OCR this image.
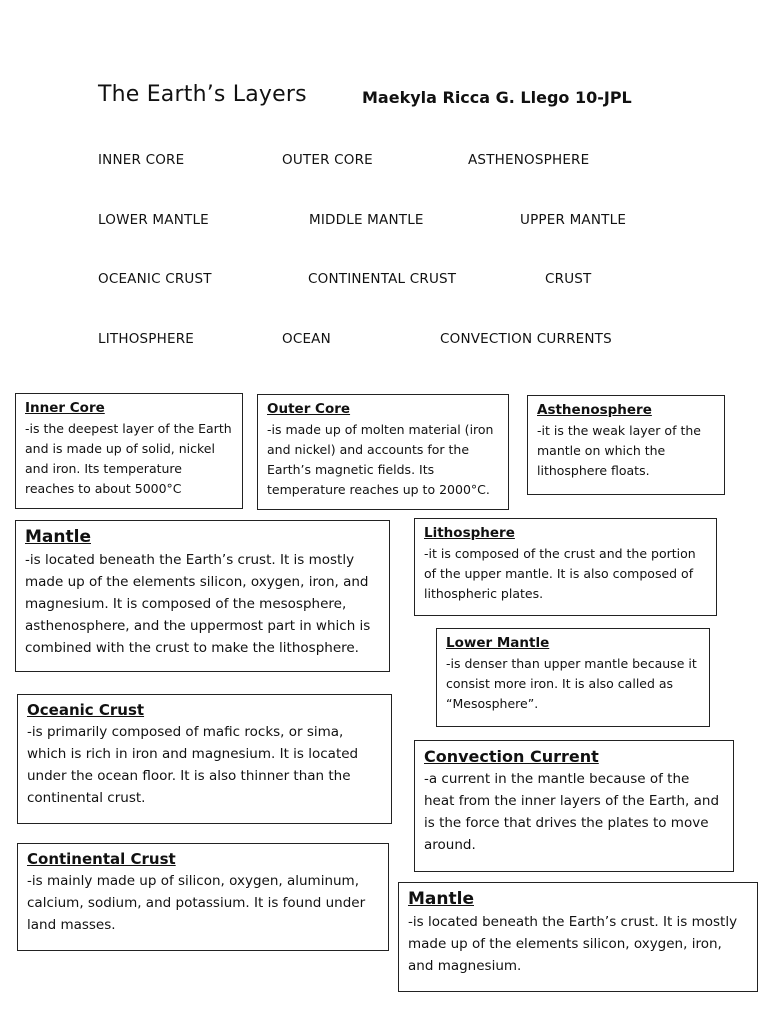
The Earth’s Layers	Maekyla Ricca G. Llego 10-JPL
INNER CORE	OUTER CORE	ASTHENOSPHERE
LOWER MANTLE	MIDDLE MANTLE	UPPER MANTLE
OCEANIC CRUST	CONTINENTAL CRUST	CRUST
LITHOSPHERE	OCEAN	CONVECTION CURRENTS
Inner Core
-is the deepest layer of the Earth and is made up of solid, nickel and iron. Its temperature reaches to about 5000°C
Outer Core
-is made up of molten material (iron and nickel) and accounts for the Earth’s magnetic fields. Its temperature reaches up to 2000°C.
Asthenosphere
-it is the weak layer of the mantle on which the lithosphere floats.
Mantle
-is located beneath the Earth’s crust. It is mostly made up of the elements silicon, oxygen, iron, and magnesium. It is composed of the mesosphere, asthenosphere, and the uppermost part in which is combined with the crust to make the lithosphere.
Lithosphere
-it is composed of the crust and the portion of the upper mantle. It is also composed of lithospheric plates.
Lower Mantle
-is denser than upper mantle because it consist more iron. It is also called as “Mesosphere”.
Oceanic Crust
-is primarily composed of mafic rocks, or sima, which is rich in iron and magnesium. It is located under the ocean floor. It is also thinner than the continental crust.
Convection Current
-a current in the mantle because of the heat from the inner layers of the Earth, and is the force that drives the plates to move around.
Continental Crust
-is mainly made up of silicon, oxygen, aluminum, calcium, sodium, and potassium. It is found under land masses.
Mantle
-is located beneath the Earth’s crust. It is mostly made up of the elements silicon, oxygen, iron, and magnesium.
